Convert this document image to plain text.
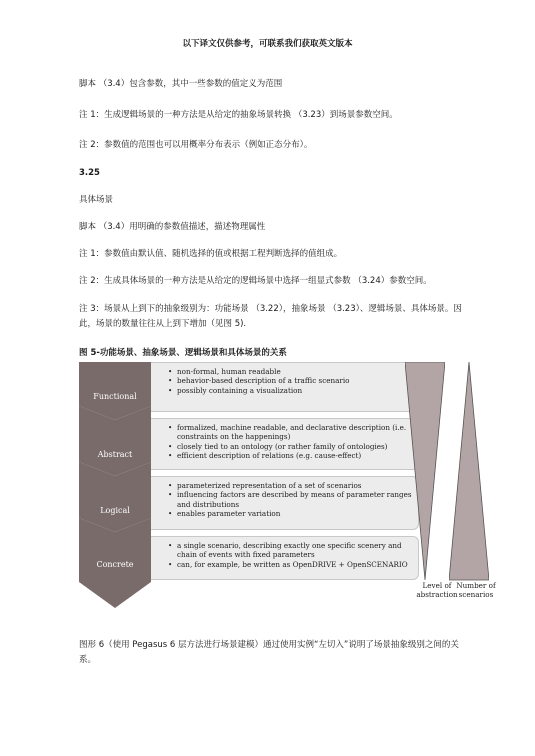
以下译文仅供参考，可联系我们获取英文版本
脚本 （3.4）包含参数，其中一些参数的值定义为范围
注 1：生成逻辑场景的一种方法是从给定的抽象场景转换 （3.23）到场景参数空间。
注 2：参数值的范围也可以用概率分布表示（例如正态分布）。
3.25
具体场景
脚本 （3.4）用明确的参数值描述，描述物理属性
注 1：参数值由默认值、随机选择的值或根据工程判断选择的值组成。
注 2：生成具体场景的一种方法是从给定的逻辑场景中选择一组显式参数 （3.24）参数空间。
注 3：场景从上到下的抽象级别为：功能场景 （3.22），抽象场景 （3.23）、逻辑场景、具体场景。因此，场景的数量往往从上到下增加（见图 5).
图 5-功能场景、抽象场景、逻辑场景和具体场景的关系
• non-formal, human readable
• behavior-based description of a traffic scenario
• possibly containing a visualization
• formalized, machine readable, and declarative description (i.e. constraints on the happenings)
• closely tied to an ontology (or rather family of ontologies)
• efficient description of relations (e.g. cause-effect)
• parameterized representation of a set of scenarios
• influencing factors are described by means of parameter ranges and distributions
• enables parameter variation
• a single scenario, describing exactly one specific scenery and chain of events with fixed parameters
• can, for example, be written as OpenDRIVE + OpenSCENARIO
Functional
Abstract
Logical
Concrete
Level of abstraction
Number of scenarios
图形 6（使用 Pegasus 6 层方法进行场景建模）通过使用实例“左切入”说明了场景抽象级别之间的关系。
